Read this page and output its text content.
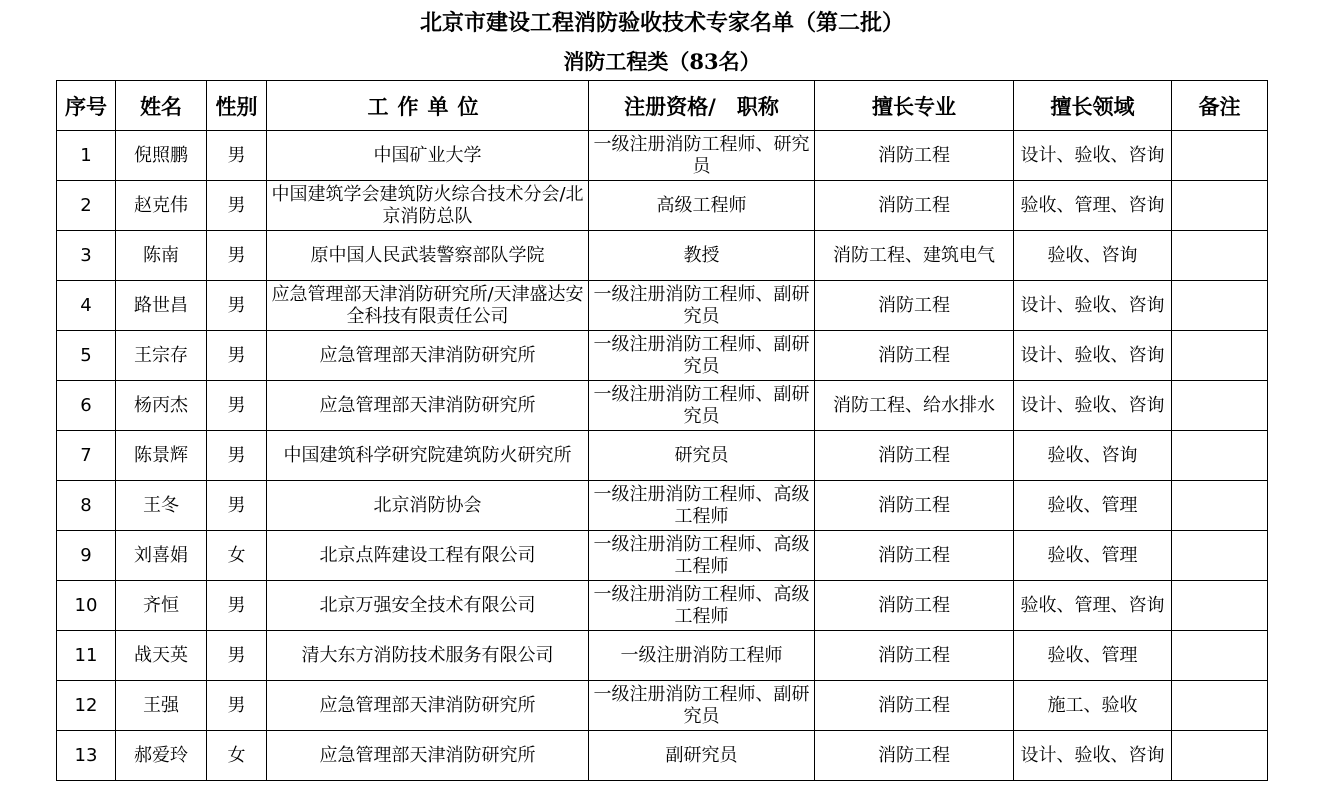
北京市建设工程消防验收技术专家名单（第二批）
消防工程类（83名）
序号	姓名	性别	工作单位	注册资格/　职称	擅长专业	擅长领域	备注
1	倪照鹏	男	中国矿业大学	一级注册消防工程师、研究员	消防工程	设计、验收、咨询	
2	赵克伟	男	中国建筑学会建筑防火综合技术分会/北京消防总队	高级工程师	消防工程	验收、管理、咨询	
3	陈南	男	原中国人民武装警察部队学院	教授	消防工程、建筑电气	验收、咨询	
4	路世昌	男	应急管理部天津消防研究所/天津盛达安全科技有限责任公司	一级注册消防工程师、副研究员	消防工程	设计、验收、咨询	
5	王宗存	男	应急管理部天津消防研究所	一级注册消防工程师、副研究员	消防工程	设计、验收、咨询	
6	杨丙杰	男	应急管理部天津消防研究所	一级注册消防工程师、副研究员	消防工程、给水排水	设计、验收、咨询	
7	陈景辉	男	中国建筑科学研究院建筑防火研究所	研究员	消防工程	验收、咨询	
8	王冬	男	北京消防协会	一级注册消防工程师、高级工程师	消防工程	验收、管理	
9	刘喜娟	女	北京点阵建设工程有限公司	一级注册消防工程师、高级工程师	消防工程	验收、管理	
10	齐恒	男	北京万强安全技术有限公司	一级注册消防工程师、高级工程师	消防工程	验收、管理、咨询	
11	战天英	男	清大东方消防技术服务有限公司	一级注册消防工程师	消防工程	验收、管理	
12	王强	男	应急管理部天津消防研究所	一级注册消防工程师、副研究员	消防工程	施工、验收	
13	郝爱玲	女	应急管理部天津消防研究所	副研究员	消防工程	设计、验收、咨询	
